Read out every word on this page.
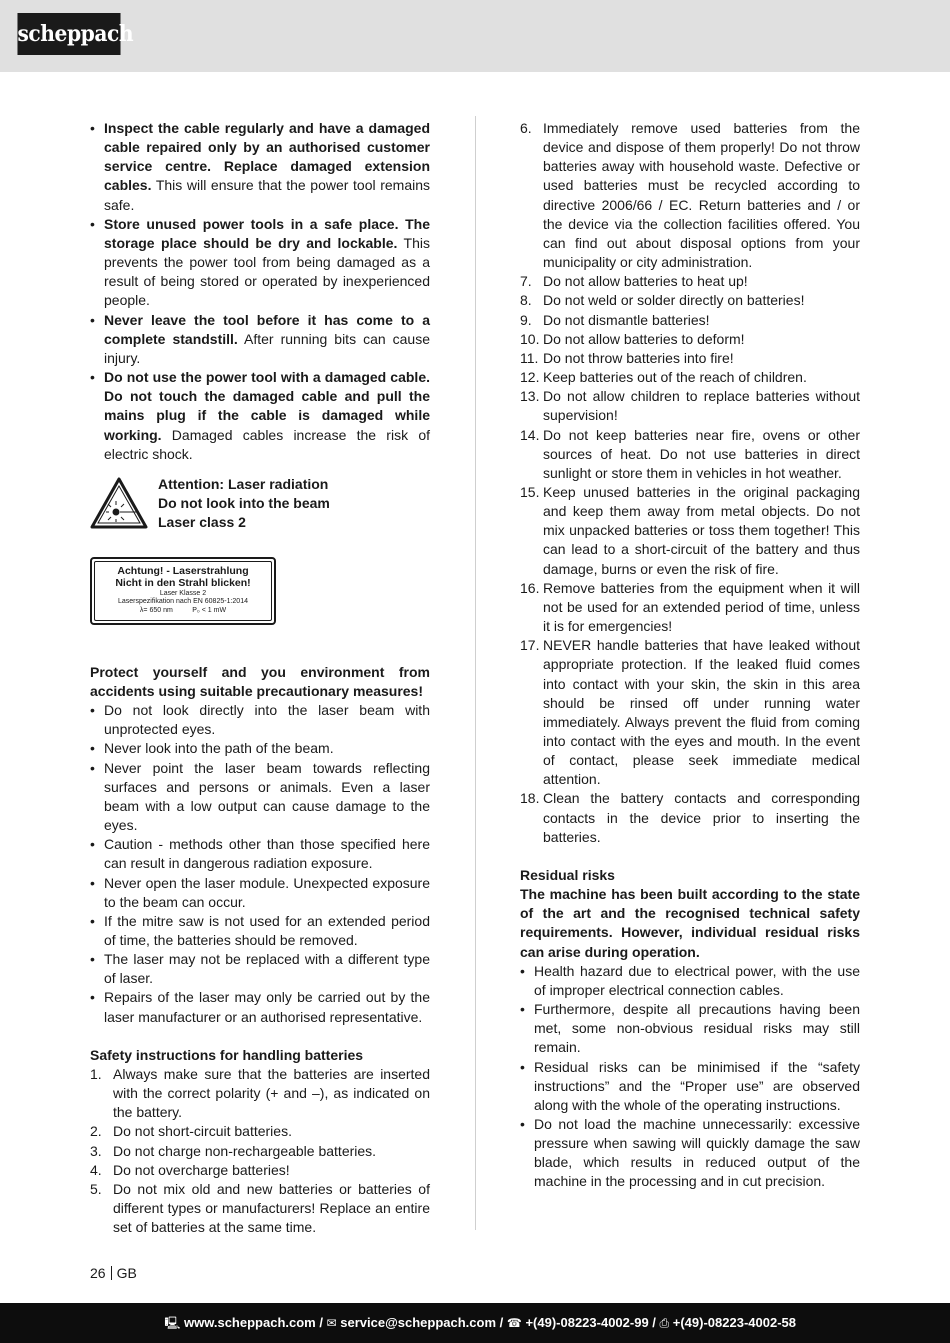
scheppach
• Inspect the cable regularly and have a damaged cable repaired only by an authorised customer service centre. Replace damaged extension cables. This will ensure that the power tool remains safe.
• Store unused power tools in a safe place. The storage place should be dry and lockable. This prevents the power tool from being damaged as a result of being stored or operated by inexperienced people.
• Never leave the tool before it has come to a complete standstill. After running bits can cause injury.
• Do not use the power tool with a damaged cable. Do not touch the damaged cable and pull the mains plug if the cable is damaged while working. Damaged cables increase the risk of electric shock.
Attention: Laser radiation
Do not look into the beam
Laser class 2
Achtung! - Laserstrahlung
Nicht in den Strahl blicken!
Laser Klasse 2
Laserspezifikation nach EN 60825-1:2014
λ= 650 nm          P₀ < 1 mW

Protect yourself and you environment from accidents using suitable precautionary measures!

• Do not look directly into the laser beam with unprotected eyes.
• Never look into the path of the beam.
• Never point the laser beam towards reflecting surfaces and persons or animals. Even a laser beam with a low output can cause damage to the eyes.
• Caution - methods other than those specified here can result in dangerous radiation exposure.
• Never open the laser module. Unexpected exposure to the beam can occur.
• If the mitre saw is not used for an extended period of time, the batteries should be removed.
• The laser may not be replaced with a different type of laser.
• Repairs of the laser may only be carried out by the laser manufacturer or an authorised representative.

Safety instructions for handling batteries

1. Always make sure that the batteries are inserted with the correct polarity (+ and –), as indicated on the battery.
2. Do not short-circuit batteries.
3. Do not charge non-rechargeable batteries.
4. Do not overcharge batteries!
5. Do not mix old and new batteries or batteries of different types or manufacturers! Replace an entire set of batteries at the same time.
6. Immediately remove used batteries from the device and dispose of them properly! Do not throw batteries away with household waste. Defective or used batteries must be recycled according to directive 2006/66 / EC. Return batteries and / or the device via the collection facilities offered. You can find out about disposal options from your municipality or city administration.
7. Do not allow batteries to heat up!
8. Do not weld or solder directly on batteries!
9. Do not dismantle batteries!
10. Do not allow batteries to deform!
11. Do not throw batteries into fire!
12. Keep batteries out of the reach of children.
13. Do not allow children to replace batteries without supervision!
14. Do not keep batteries near fire, ovens or other sources of heat. Do not use batteries in direct sunlight or store them in vehicles in hot weather.
15. Keep unused batteries in the original packaging and keep them away from metal objects. Do not mix unpacked batteries or toss them together! This can lead to a short-circuit of the battery and thus damage, burns or even the risk of fire.
16. Remove batteries from the equipment when it will not be used for an extended period of time, unless it is for emergencies!
17. NEVER handle batteries that have leaked without appropriate protection. If the leaked fluid comes into contact with your skin, the skin in this area should be rinsed off under running water immediately. Always prevent the fluid from coming into contact with the eyes and mouth. In the event of contact, please seek immediate medical attention.
18. Clean the battery contacts and corresponding contacts in the device prior to inserting the batteries.

Residual risks

The machine has been built according to the state of the art and the recognised technical safety requirements. However, individual residual risks can arise during operation.

• Health hazard due to electrical power, with the use of improper electrical connection cables.
• Furthermore, despite all precautions having been met, some non-obvious residual risks may still remain.
• Residual risks can be minimised if the “safety instructions” and the “Proper use” are observed along with the whole of the operating instructions.
• Do not load the machine unnecessarily: excessive pressure when sawing will quickly damage the saw blade, which results in reduced output of the machine in the processing and in cut precision.
26 GB
🖳 www.scheppach.com / ✉ service@scheppach.com / ☎ +(49)-08223-4002-99 / ⎙ +(49)-08223-4002-58
